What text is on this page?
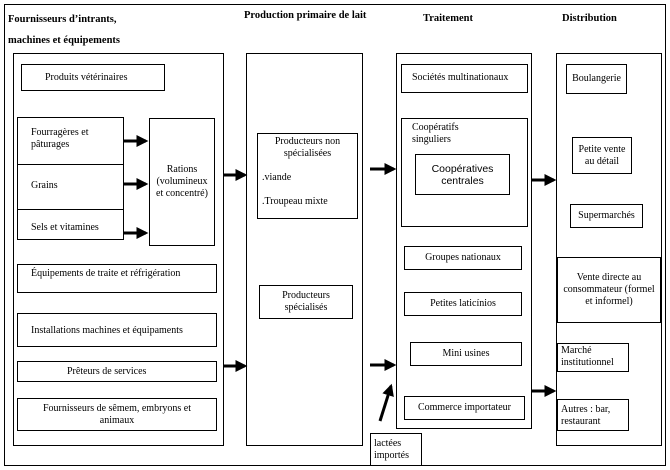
Fournisseurs d’intrants,
machines et équipements
Production primaire de lait	Traitement	Distribution
Produits vétérinaires
Fourragères et pâturages
Grains
Sels et vitamines
Rations (volumineux et concentré)
Équipements de traite et réfrigération
Installations machines et équipaments
Prêteurs de services
Fournisseurs de sêmem, embryons et animaux
Producteurs non spécialisées
.viande
.Troupeau mixte
Producteurs spécialisés
Sociétés multinationaux
Coopératifs singuliers
Coopératives centrales
Groupes nationaux
Petites laticínios
Mini usines
Commerce importateur
lactées importés
Boulangerie
Petite vente au détail
Supermarchés
Vente directe au consommateur (formel et informel)
Marché institutionnel
Autres : bar, restaurant
